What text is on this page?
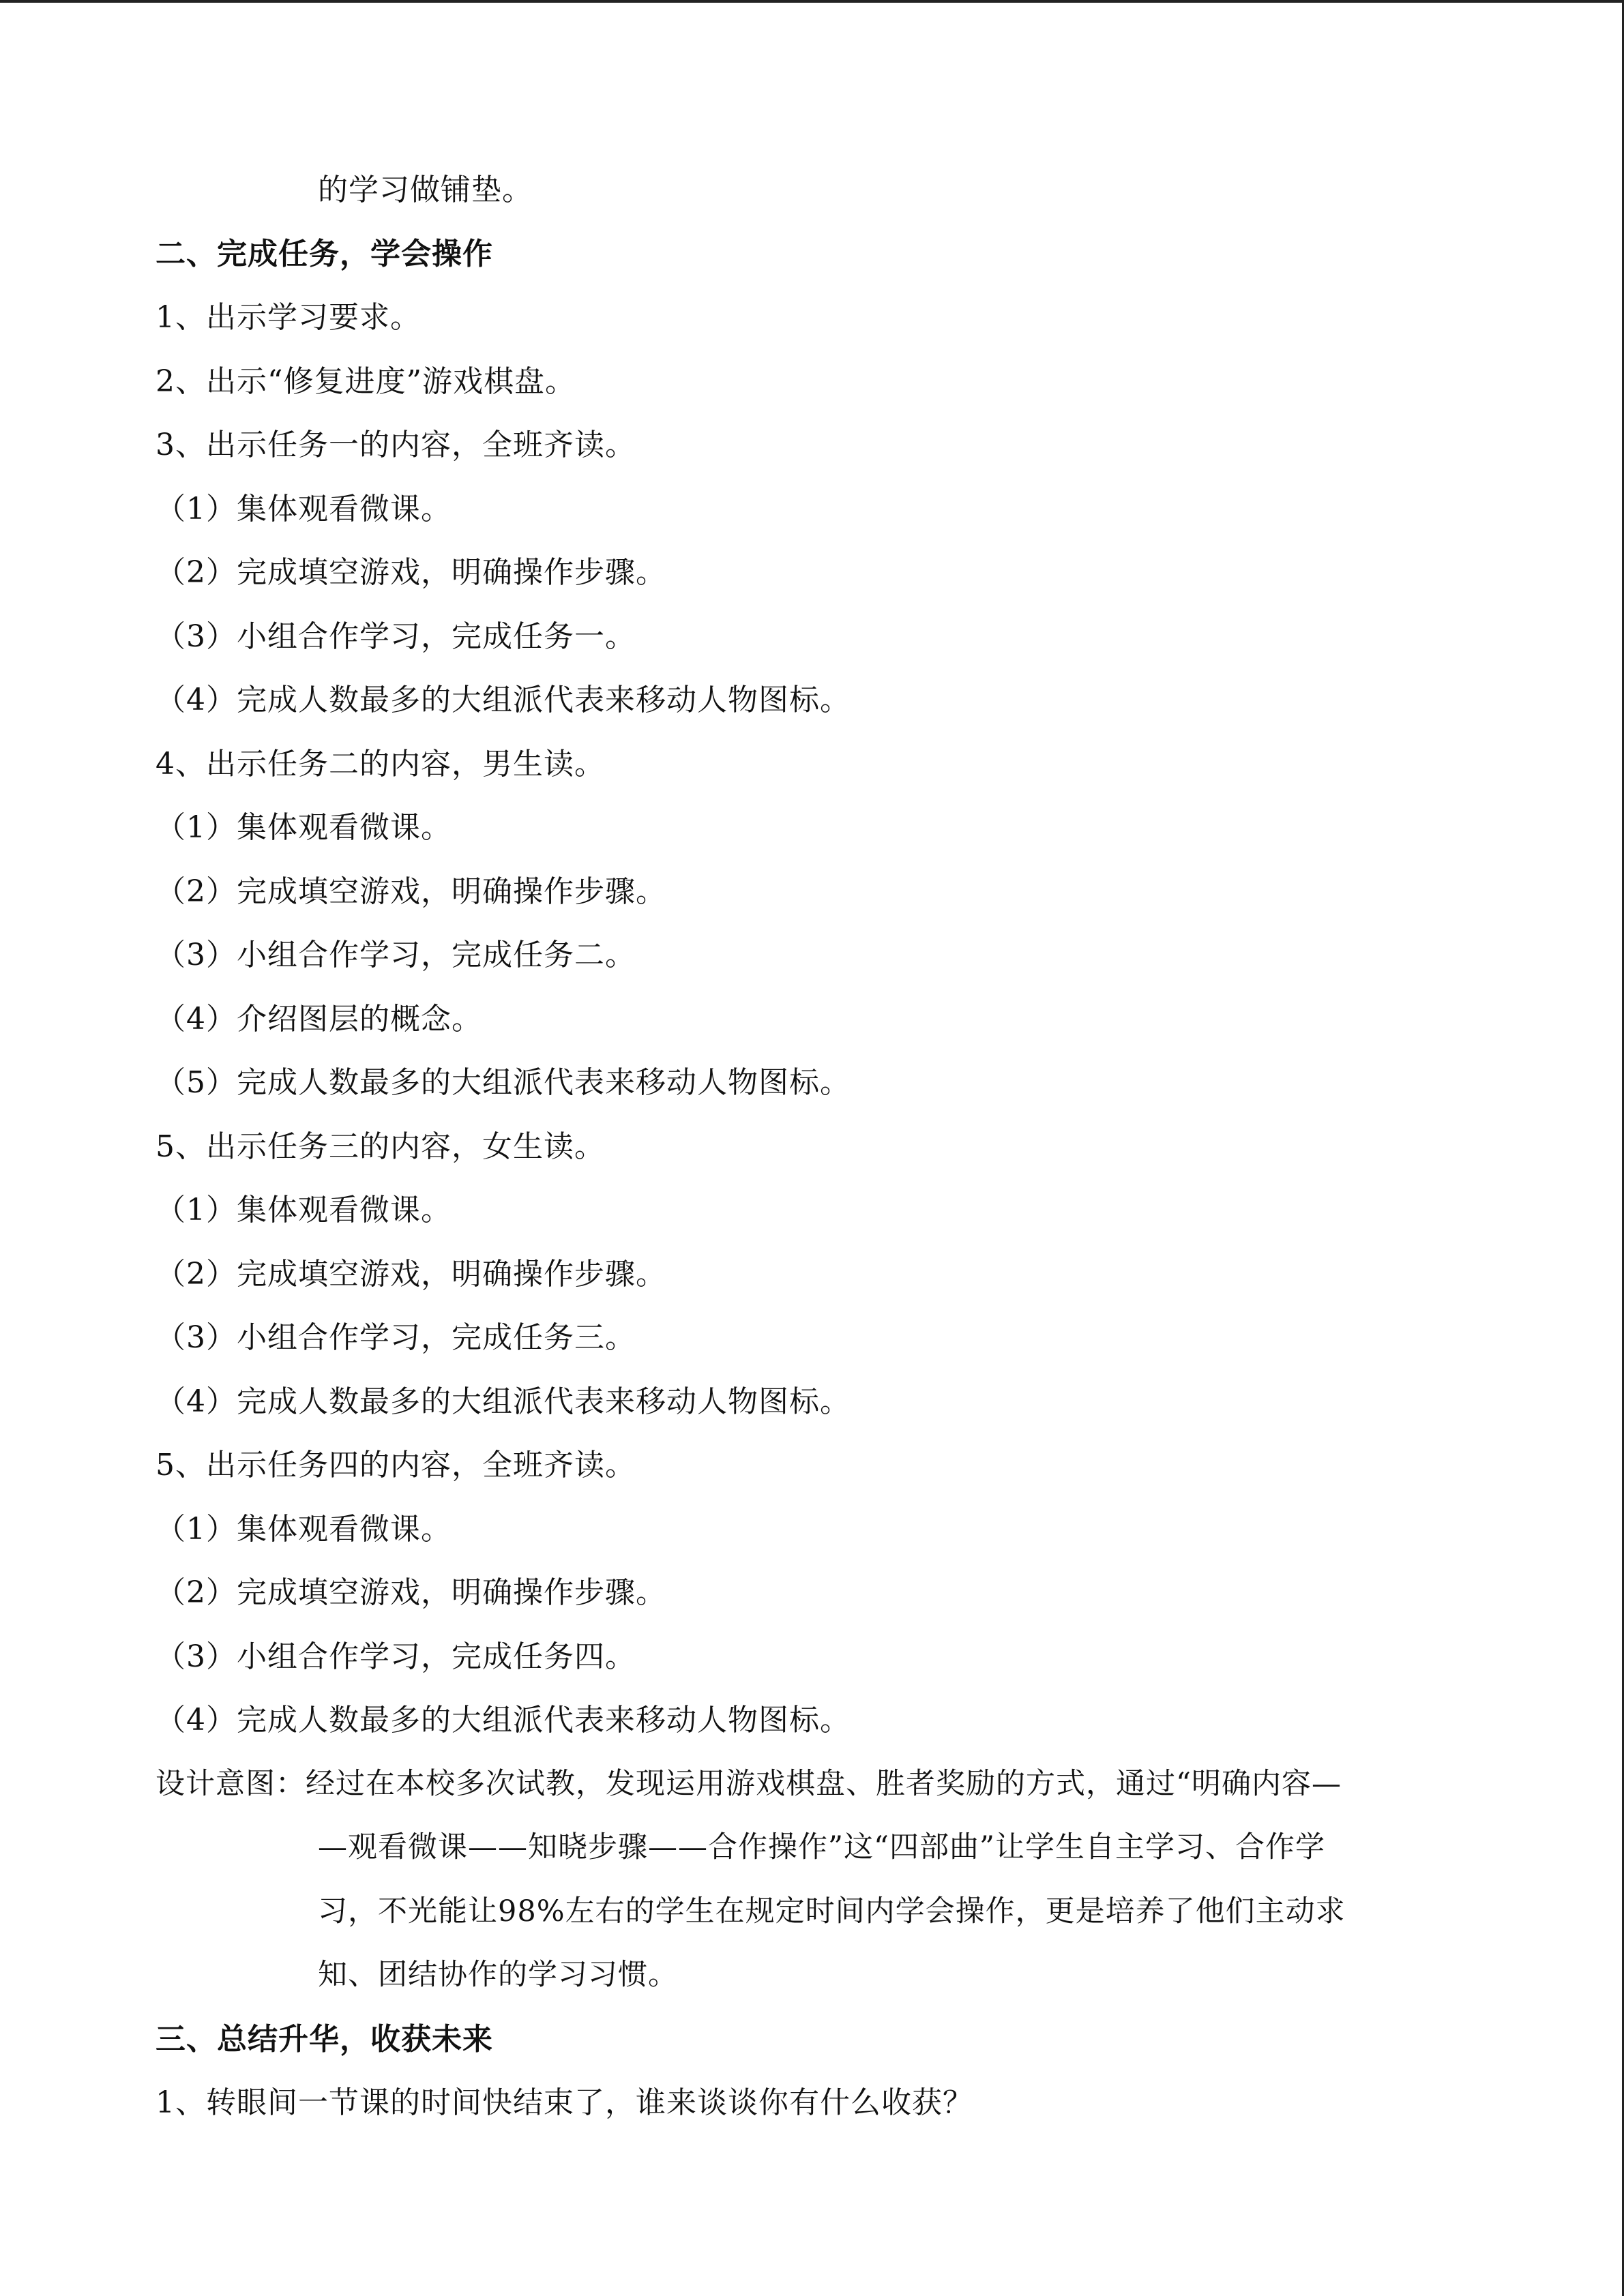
的学习做铺垫。
二、完成任务，学会操作
1、出示学习要求。
2、出示“修复进度”游戏棋盘。
3、出示任务一的内容，全班齐读。
（1）集体观看微课。
（2）完成填空游戏，明确操作步骤。
（3）小组合作学习，完成任务一。
（4）完成人数最多的大组派代表来移动人物图标。
4、出示任务二的内容，男生读。
（1）集体观看微课。
（2）完成填空游戏，明确操作步骤。
（3）小组合作学习，完成任务二。
（4）介绍图层的概念。
（5）完成人数最多的大组派代表来移动人物图标。
5、出示任务三的内容，女生读。
（1）集体观看微课。
（2）完成填空游戏，明确操作步骤。
（3）小组合作学习，完成任务三。
（4）完成人数最多的大组派代表来移动人物图标。
5、出示任务四的内容，全班齐读。
（1）集体观看微课。
（2）完成填空游戏，明确操作步骤。
（3）小组合作学习，完成任务四。
（4）完成人数最多的大组派代表来移动人物图标。
设计意图：经过在本校多次试教，发现运用游戏棋盘、胜者奖励的方式，通过“明确内容—
—观看微课——知晓步骤——合作操作”这“四部曲”让学生自主学习、合作学
习，不光能让98%左右的学生在规定时间内学会操作，更是培养了他们主动求
知、团结协作的学习习惯。
三、总结升华，收获未来
1、转眼间一节课的时间快结束了，谁来谈谈你有什么收获？
